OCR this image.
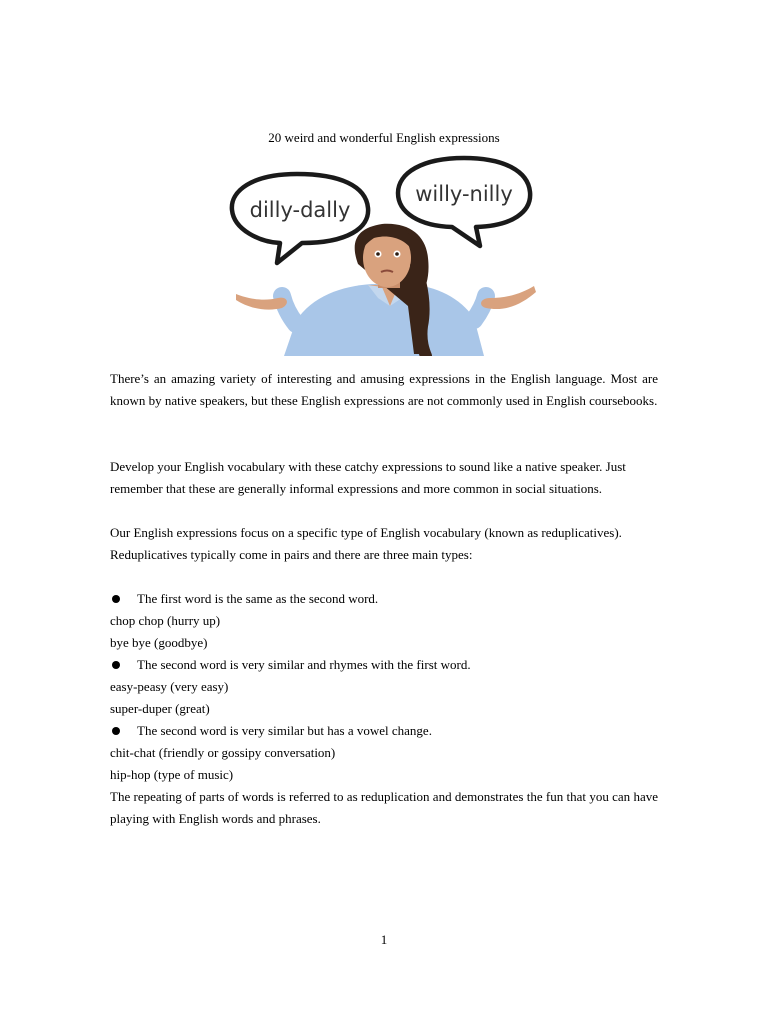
20 weird and wonderful English expressions
dilly-dally
willy-nilly
There’s an amazing variety of interesting and amusing expressions in the English language. Most are known by native speakers, but these English expressions are not commonly used in English coursebooks.
Develop your English vocabulary with these catchy expressions to sound like a native speaker. Just remember that these are generally informal expressions and more common in social situations.
Our English expressions focus on a specific type of English vocabulary (known as reduplicatives). Reduplicatives typically come in pairs and there are three main types:
The first word is the same as the second word.
chop chop (hurry up)
bye bye (goodbye)
The second word is very similar and rhymes with the first word.
easy-peasy (very easy)
super-duper (great)
The second word is very similar but has a vowel change.
chit-chat (friendly or gossipy conversation)
hip-hop (type of music)
The repeating of parts of words is referred to as reduplication and demonstrates the fun that you can have playing with English words and phrases.
1
